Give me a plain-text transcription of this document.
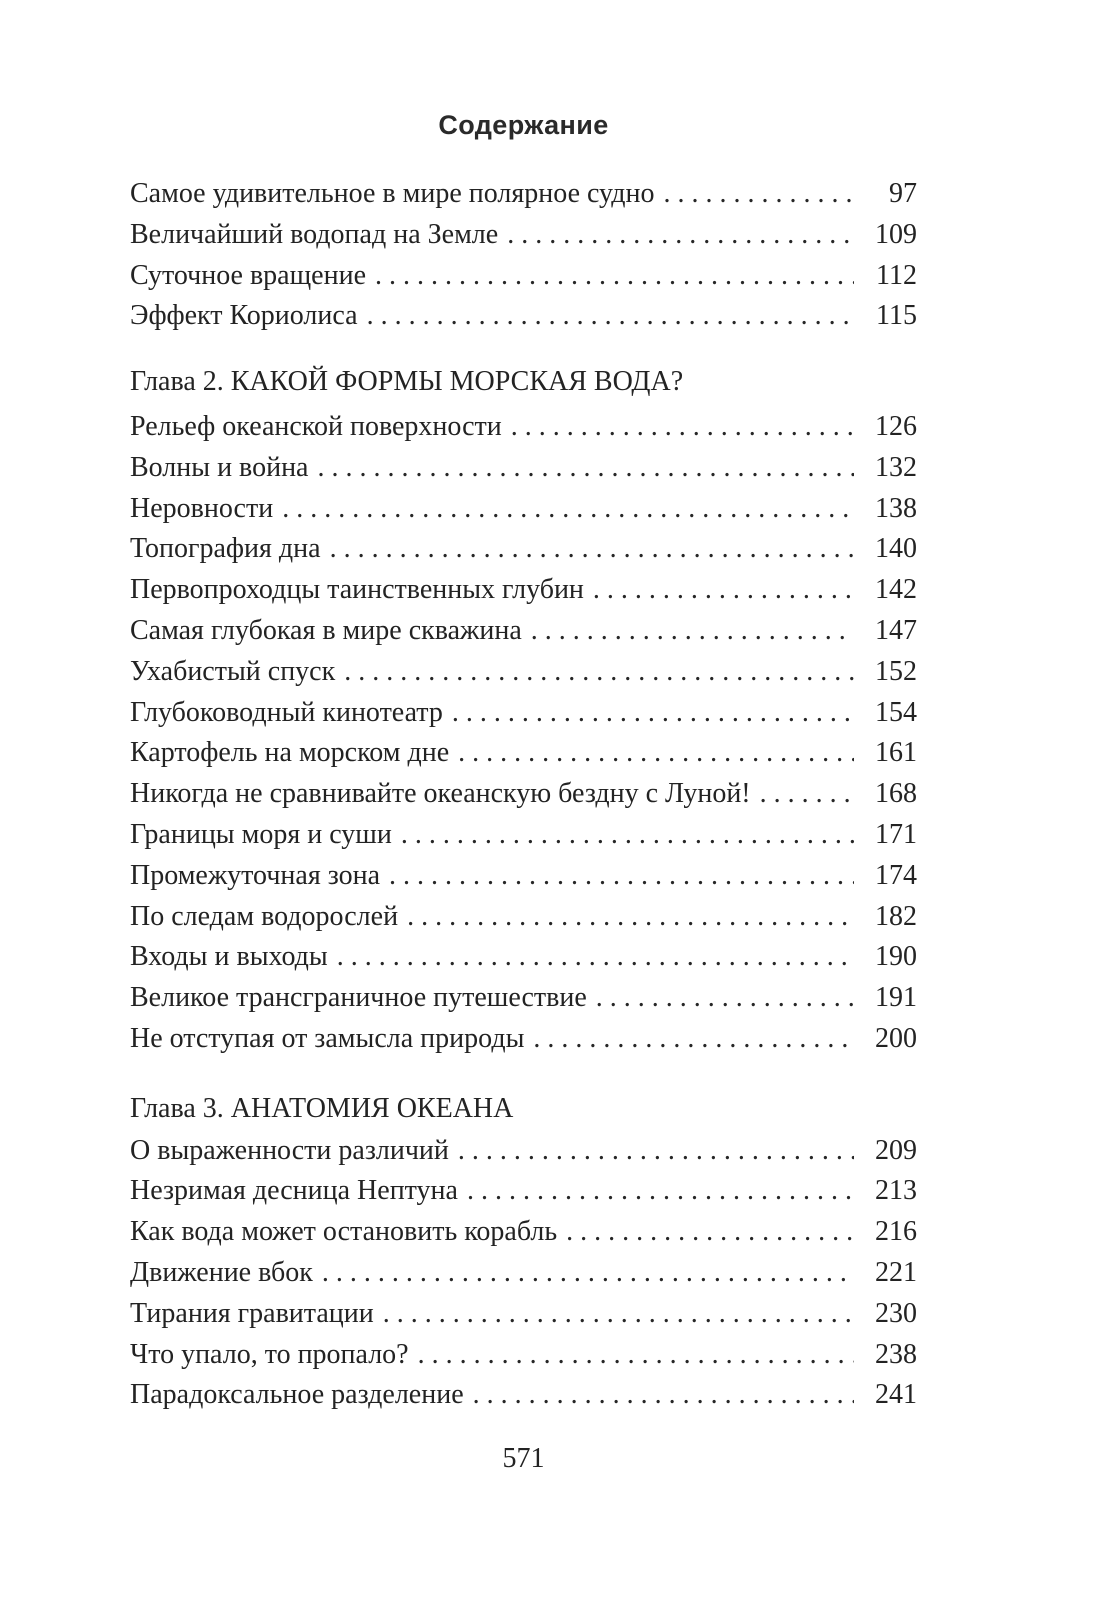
Содержание
Самое удивительное в мире полярное судно . . .	97
Величайший водопад на Земле . . .	109
Суточное вращение . . .	112
Эффект Кориолиса . . .	115
Глава 2. КАКОЙ ФОРМЫ МОРСКАЯ ВОДА?
Рельеф океанской поверхности . . .	126
Волны и война . . .	132
Неровности . . .	138
Топография дна . . .	140
Первопроходцы таинственных глубин . . .	142
Самая глубокая в мире скважина . . .	147
Ухабистый спуск . . .	152
Глубоководный кинотеатр . . .	154
Картофель на морском дне . . .	161
Никогда не сравнивайте океанскую бездну с Луной! . . .	168
Границы моря и суши . . .	171
Промежуточная зона . . .	174
По следам водорослей . . .	182
Входы и выходы . . .	190
Великое трансграничное путешествие . . .	191
Не отступая от замысла природы . . .	200
Глава 3. АНАТОМИЯ ОКЕАНА
О выраженности различий . . .	209
Незримая десница Нептуна . . .	213
Как вода может остановить корабль . . .	216
Движение вбок . . .	221
Тирания гравитации . . .	230
Что упало, то пропало? . . .	238
Парадоксальное разделение . . .	241
571
